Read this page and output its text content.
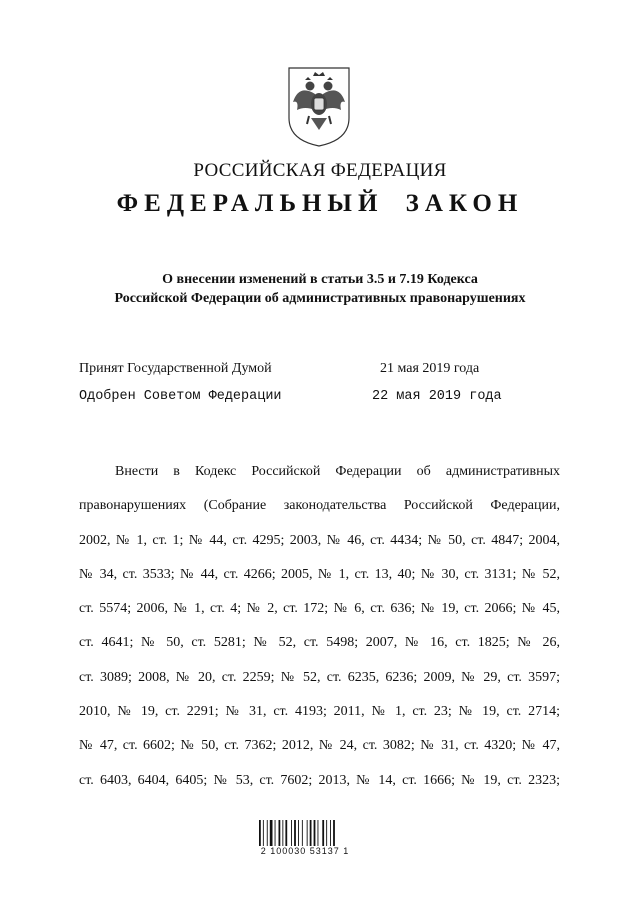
РОССИЙСКАЯ ФЕДЕРАЦИЯ
ФЕДЕРАЛЬНЫЙ ЗАКОН
О внесении изменений в статьи 3.5 и 7.19 Кодекса
Российской Федерации об административных правонарушениях
Принят Государственной Думой	21 мая 2019 года
Одобрен Советом Федерации	22 мая 2019 года
Внести в Кодекс Российской Федерации об административных
правонарушениях (Собрание законодательства Российской Федерации,
2002, № 1, ст. 1; № 44, ст. 4295; 2003, № 46, ст. 4434; № 50, ст. 4847; 2004,
№ 34, ст. 3533; № 44, ст. 4266; 2005, № 1, ст. 13, 40; № 30, ст. 3131; № 52,
ст. 5574; 2006, № 1, ст. 4; № 2, ст. 172; № 6, ст. 636; № 19, ст. 2066; № 45,
ст. 4641; № 50, ст. 5281; № 52, ст. 5498; 2007, № 16, ст. 1825; № 26,
ст. 3089; 2008, № 20, ст. 2259; № 52, ст. 6235, 6236; 2009, № 29, ст. 3597;
2010, № 19, ст. 2291; № 31, ст. 4193; 2011, № 1, ст. 23; № 19, ст. 2714;
№ 47, ст. 6602; № 50, ст. 7362; 2012, № 24, ст. 3082; № 31, ст. 4320; № 47,
ст. 6403, 6404, 6405; № 53, ст. 7602; 2013, № 14, ст. 1666; № 19, ст. 2323;
2 100030 53137 1
